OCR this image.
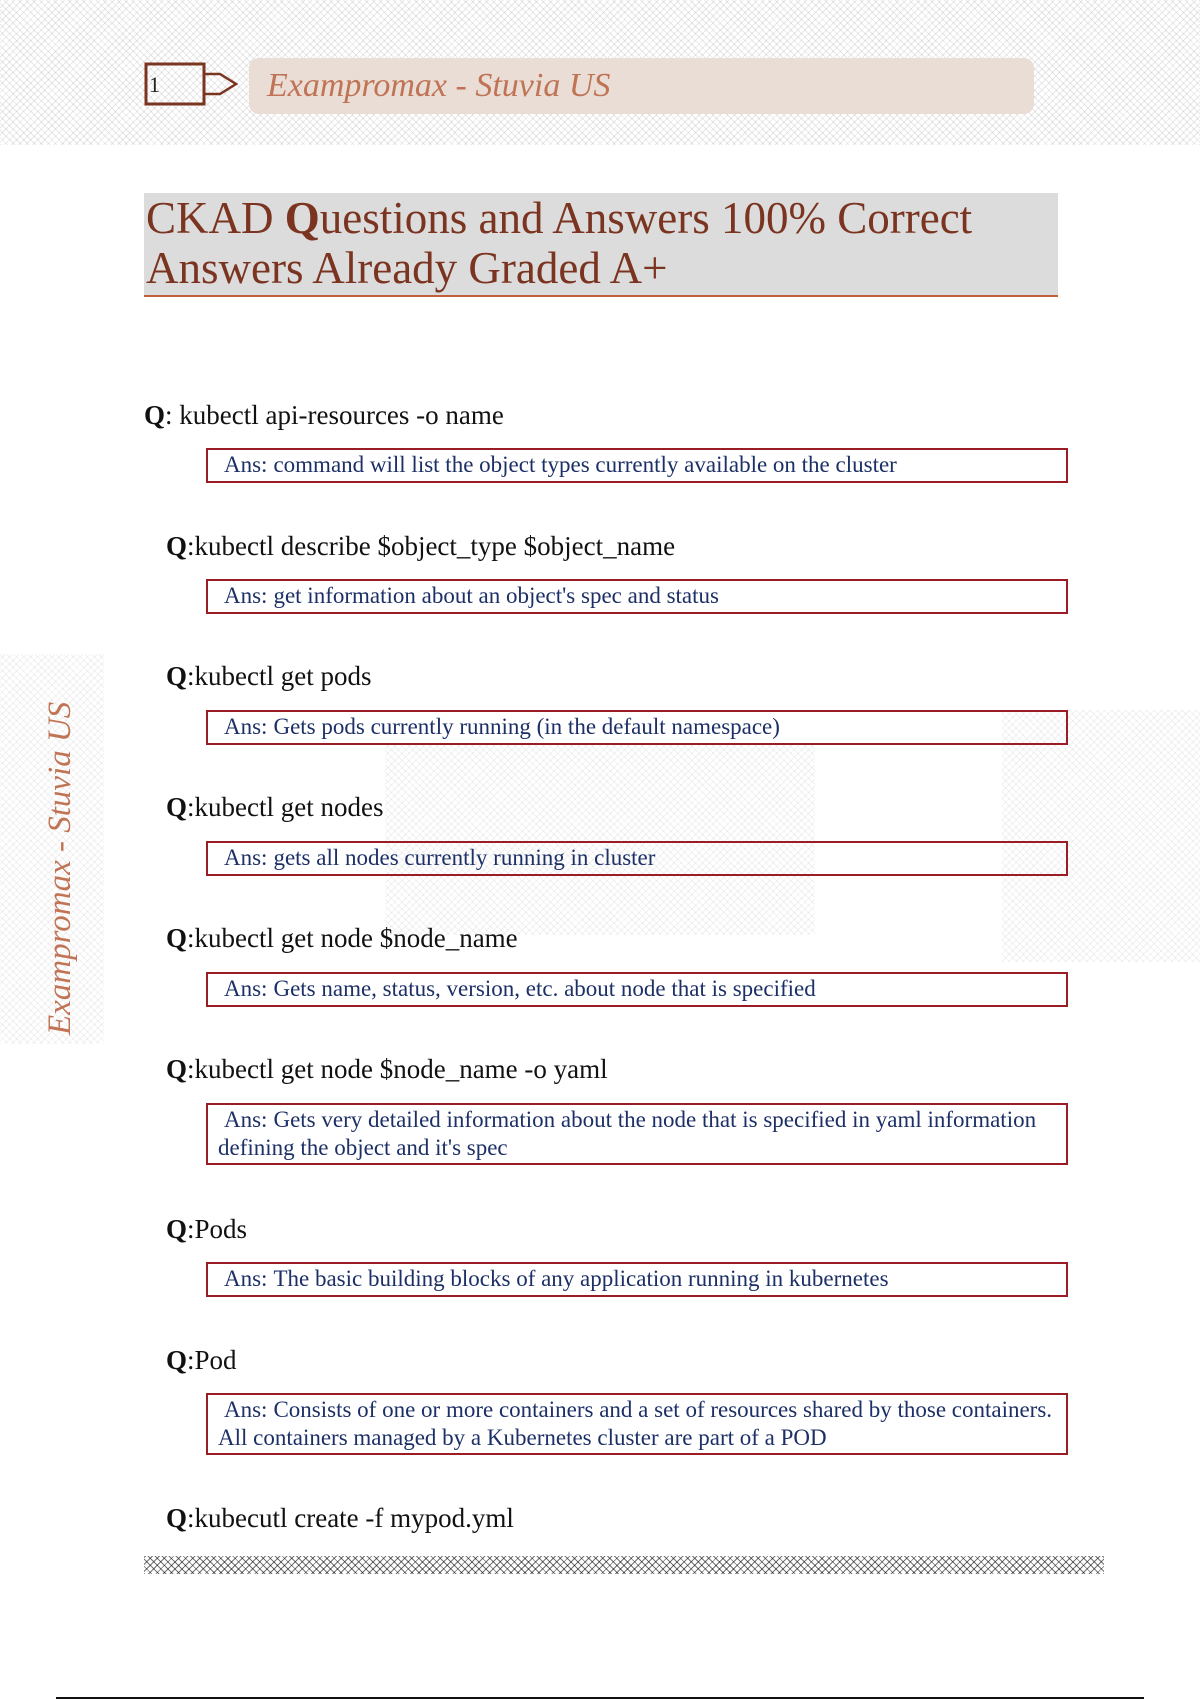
1	Exampromax - Stuvia US
CKAD Questions and Answers 100% Correct
Answers Already Graded A+
Exampromax - Stuvia US
Q: kubectl api-resources -o name
Ans: command will list the object types currently available on the cluster
Q:kubectl describe $object_type $object_name
Ans: get information about an object's spec and status
Q:kubectl get pods
Ans: Gets pods currently running (in the default namespace)
Q:kubectl get nodes
Ans: gets all nodes currently running in cluster
Q:kubectl get node $node_name
Ans: Gets name, status, version, etc. about node that is specified
Q:kubectl get node $node_name -o yaml
Ans: Gets very detailed information about the node that is specified in yaml information defining the object and it's spec
Q:Pods
Ans: The basic building blocks of any application running in kubernetes
Q:Pod
Ans: Consists of one or more containers and a set of resources shared by those containers. All containers managed by a Kubernetes cluster are part of a POD
Q:kubecutl create -f mypod.yml
